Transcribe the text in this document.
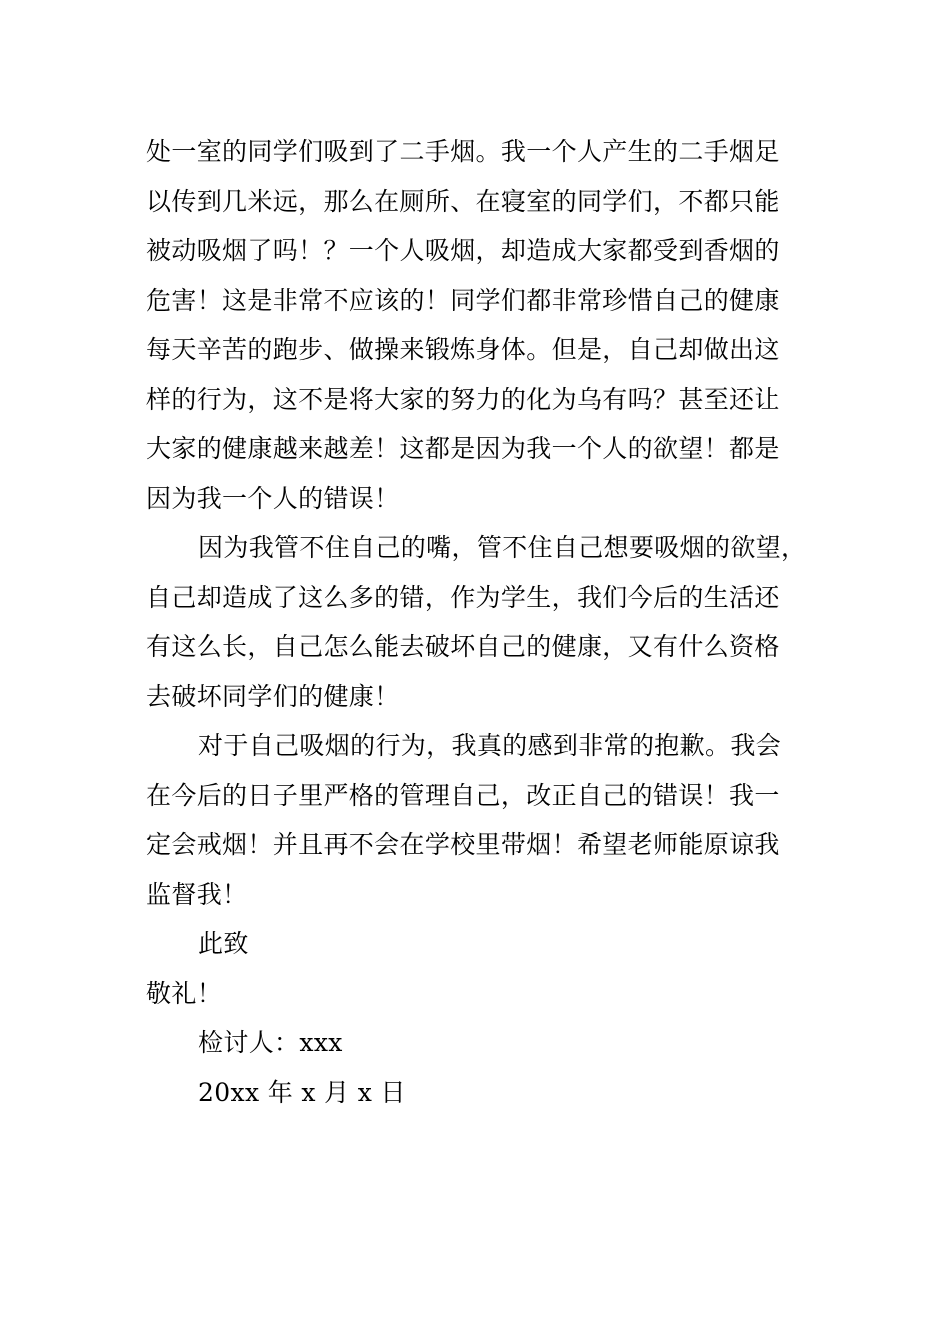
处一室的同学们吸到了二手烟。我一个人产生的二手烟足
以传到几米远，那么在厕所、在寝室的同学们，不都只能
被动吸烟了吗！？一个人吸烟，却造成大家都受到香烟的
危害！这是非常不应该的！同学们都非常珍惜自己的健康
每天辛苦的跑步、做操来锻炼身体。但是，自己却做出这
样的行为，这不是将大家的努力的化为乌有吗？甚至还让
大家的健康越来越差！这都是因为我一个人的欲望！都是
因为我一个人的错误！
因为我管不住自己的嘴，管不住自己想要吸烟的欲望，
自己却造成了这么多的错，作为学生，我们今后的生活还
有这么长，自己怎么能去破坏自己的健康，又有什么资格
去破坏同学们的健康！
对于自己吸烟的行为，我真的感到非常的抱歉。我会
在今后的日子里严格的管理自己，改正自己的错误！我一
定会戒烟！并且再不会在学校里带烟！希望老师能原谅我
监督我！
此致
敬礼！
检讨人：xxx
20xx 年 x 月 x 日
